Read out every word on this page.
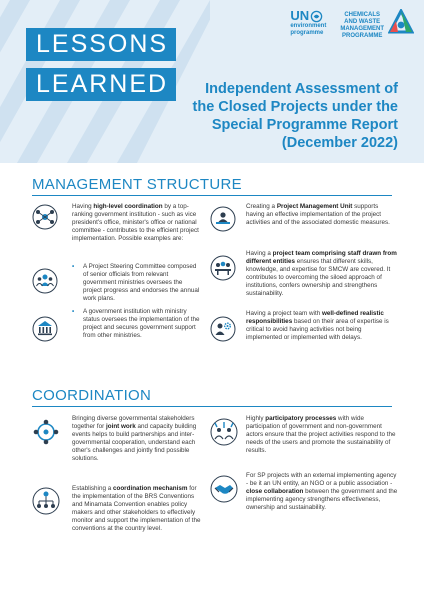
LESSONS
LEARNED
UN
environment
programme
CHEMICALS
AND WASTE
MANAGEMENT
PROGRAMME
Independent Assessment of
the Closed Projects under the
Special Programme Report
(December 2022)
MANAGEMENT STRUCTURE
Having high-level coordination by a top-ranking government institution - such as vice president's office, minister's office or national committee - contributes to the efficient project implementation. Possible examples are:
• A Project Steering Committee composed of senior officials from relevant government ministries oversees the project progress and endorses the annual work plans.
• A government institution with ministry status oversees the implementation of the project and secures government support from other ministries.
Creating a Project Management Unit supports having an effective implementation of the project activities and of the associated domestic measures.
Having a project team comprising staff drawn from different entities ensures that different skills, knowledge, and expertise for SMCW are covered. It contributes to overcoming the siloed approach of institutions, confers ownership and strengthens sustainability.
Having a project team with well-defined realistic responsibilities based on their area of expertise is critical to avoid having activities not being implemented or implemented with delays.
COORDINATION
Bringing diverse governmental stakeholders together for joint work and capacity building events helps to build partnerships and inter-governmental cooperation, understand each other's challenges and jointly find possible solutions.
Establishing a coordination mechanism for the implementation of the BRS Conventions and Minamata Convention enables policy makers and other stakeholders to effectively monitor and support the implementation of the conventions at the country level.
Highly participatory processes with wide participation of government and non-government actors ensure that the project activities respond to the needs of the users and promote the sustainability of results.
For SP projects with an external implementing agency - be it an UN entity, an NGO or a public association - close collaboration between the government and the implementing agency strengthens effectiveness, ownership and sustainability.
